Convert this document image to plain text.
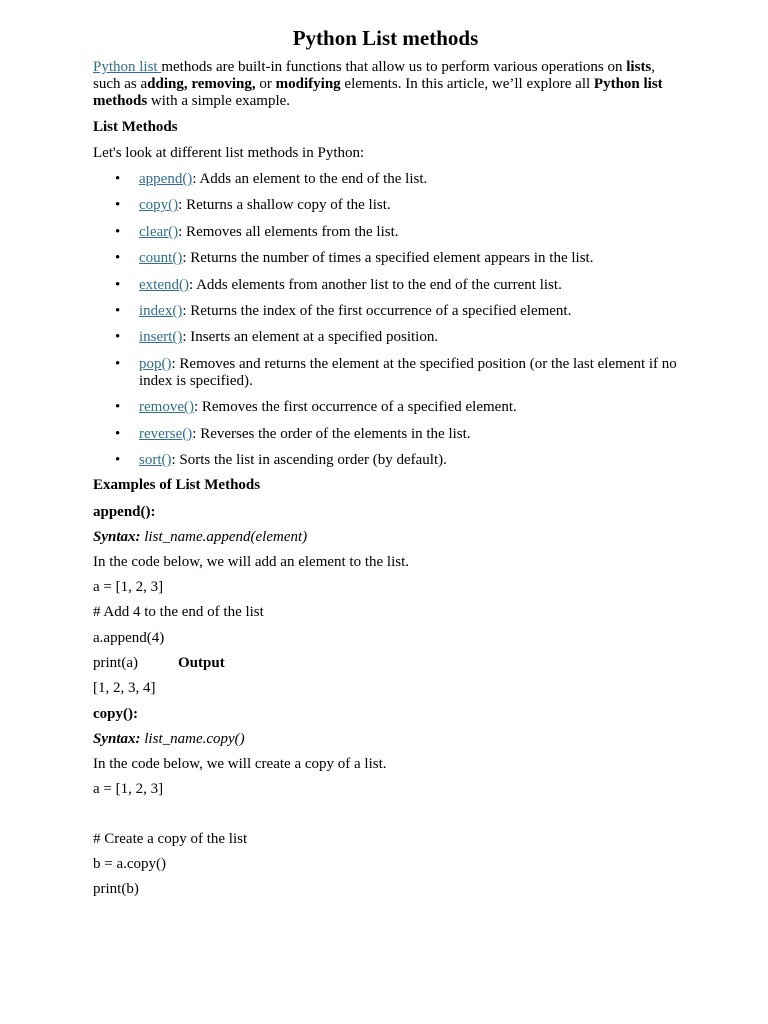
Python List methods

Python list methods are built-in functions that allow us to perform various operations on lists, such as adding, removing, or modifying elements. In this article, we’ll explore all Python list methods with a simple example.

List Methods

Let's look at different list methods in Python:

• append(): Adds an element to the end of the list.
• copy(): Returns a shallow copy of the list.
• clear(): Removes all elements from the list.
• count(): Returns the number of times a specified element appears in the list.
• extend(): Adds elements from another list to the end of the current list.
• index(): Returns the index of the first occurrence of a specified element.
• insert(): Inserts an element at a specified position.
• pop(): Removes and returns the element at the specified position (or the last element if no index is specified).
• remove(): Removes the first occurrence of a specified element.
• reverse(): Reverses the order of the elements in the list.
• sort(): Sorts the list in ascending order (by default).

Examples of List Methods

append():

Syntax: list_name.append(element)

In the code below, we will add an element to the list.

a = [1, 2, 3]

# Add 4 to the end of the list

a.append(4)

print(a)	Output

[1, 2, 3, 4]

copy():

Syntax: list_name.copy()

In the code below, we will create a copy of a list.

a = [1, 2, 3]

# Create a copy of the list

b = a.copy()

print(b)
